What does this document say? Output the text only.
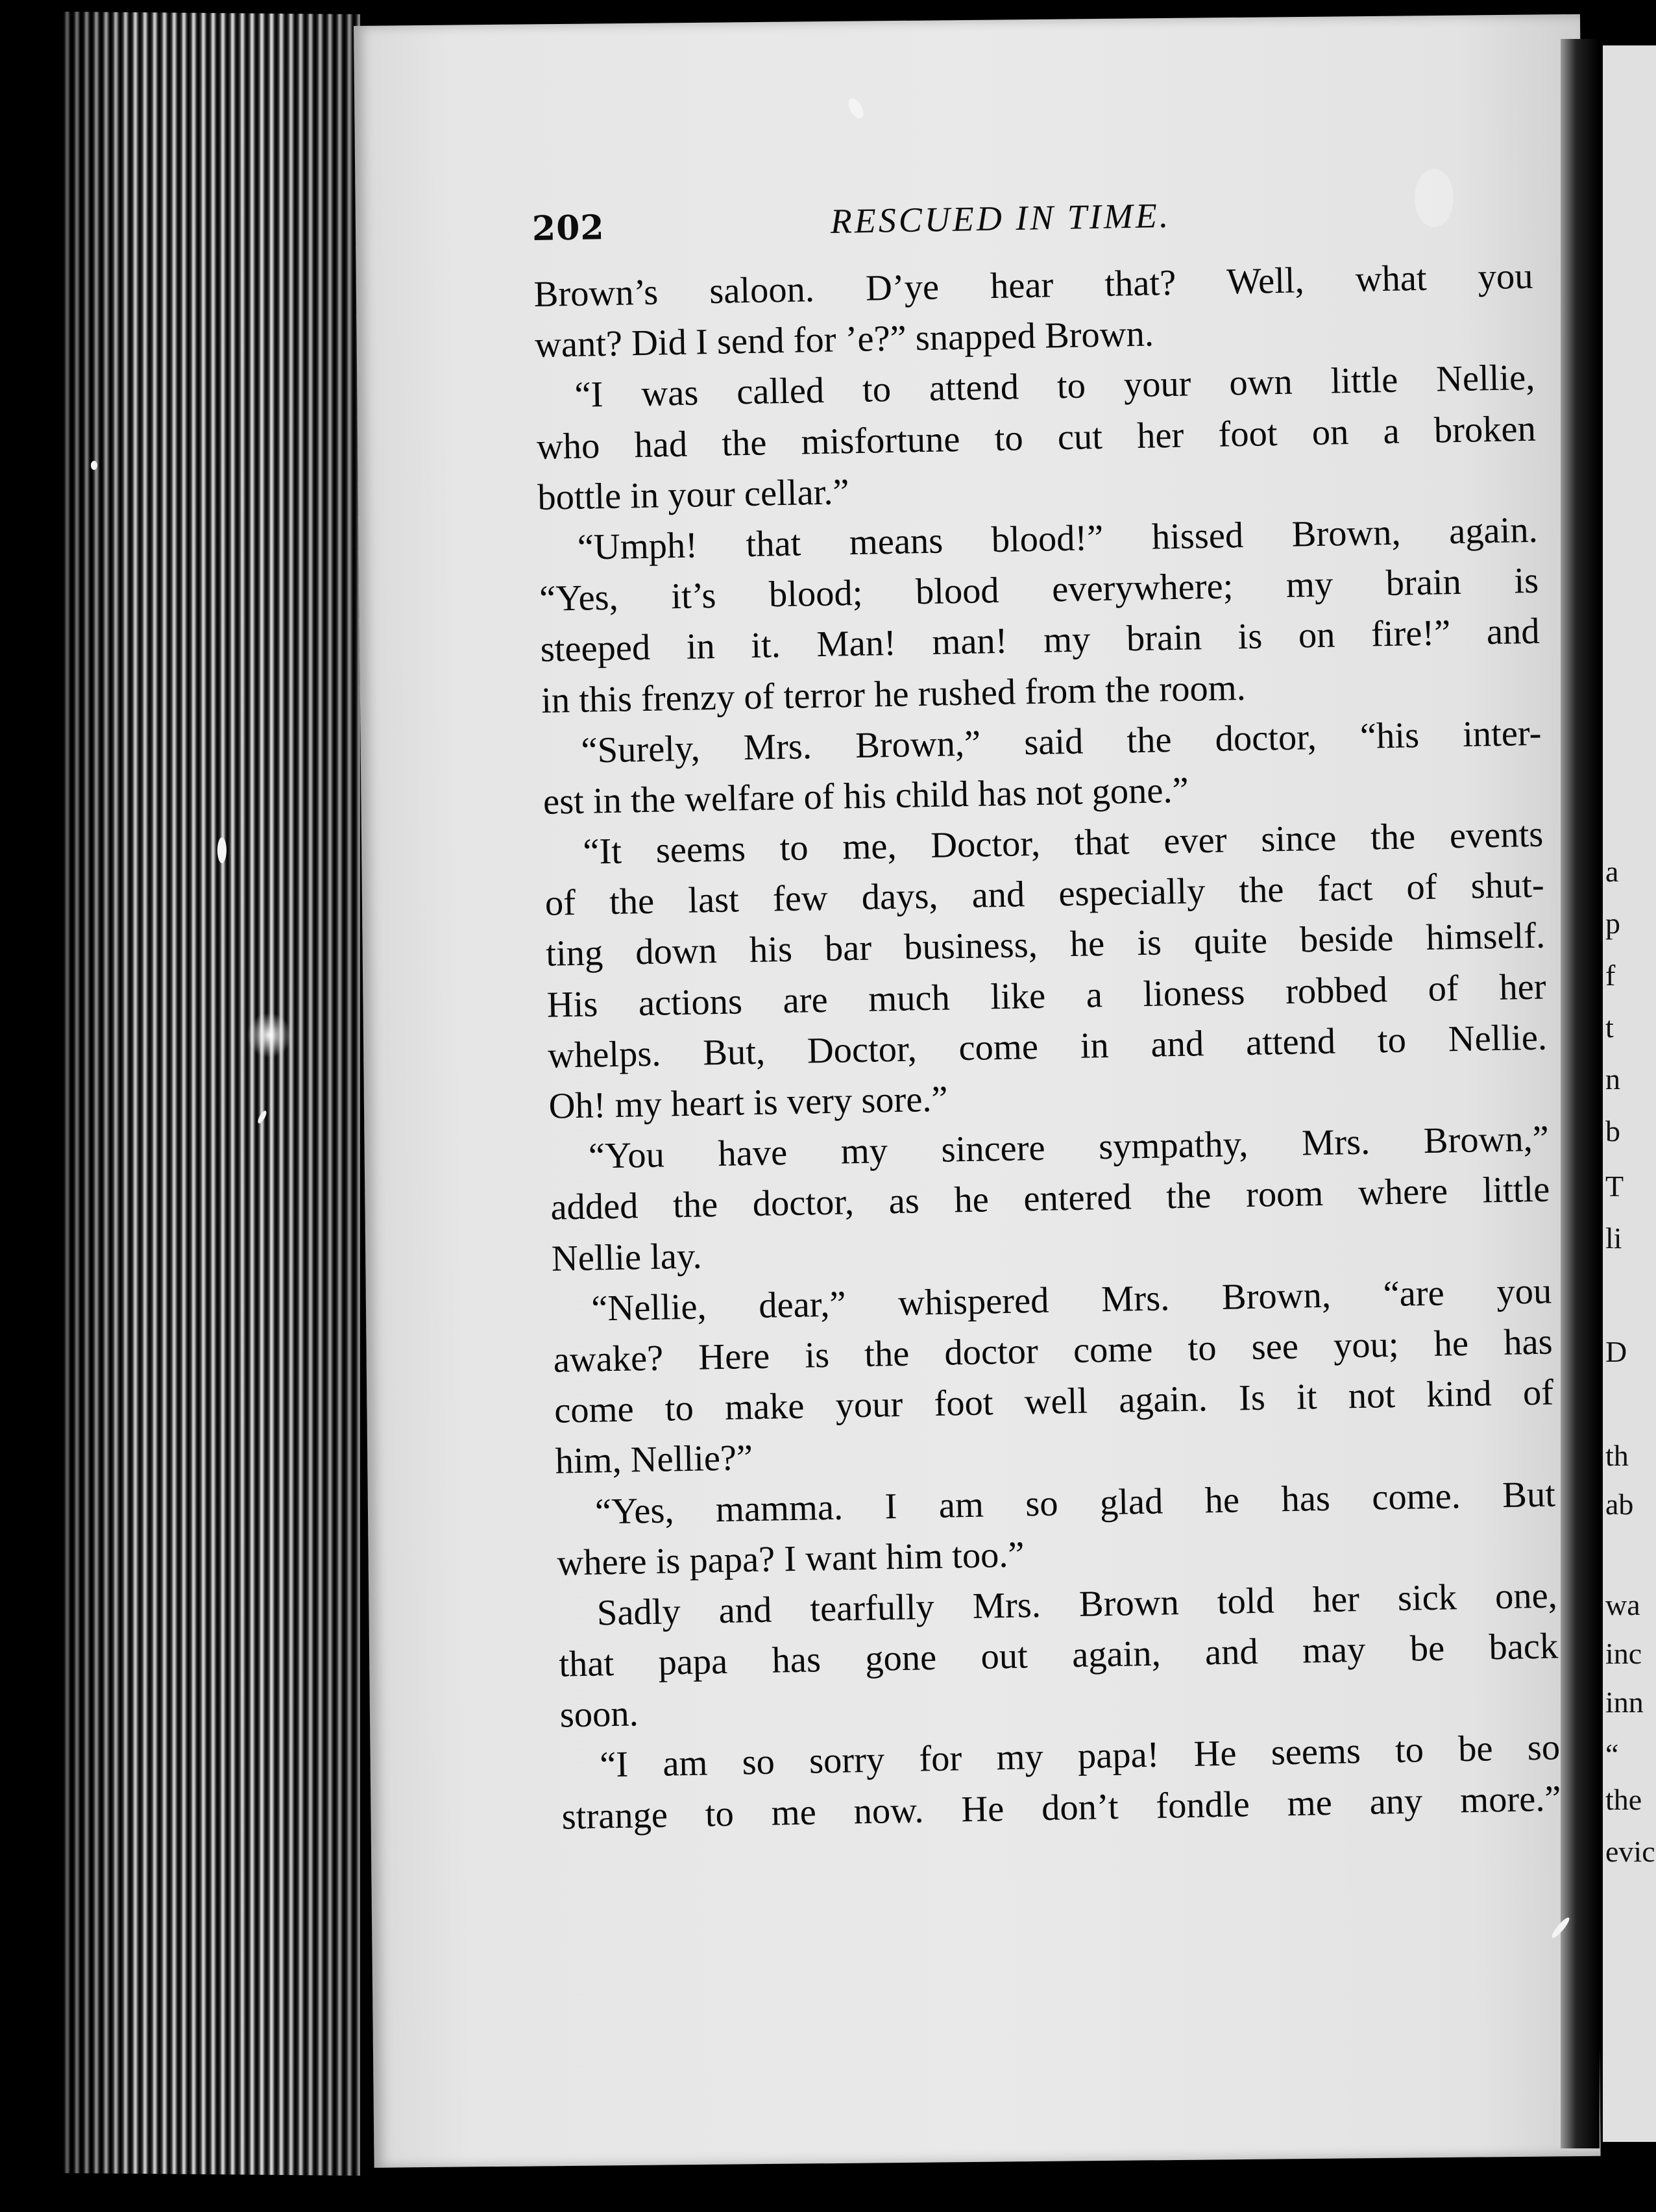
a
p
f
t
n
b
T
li
D
th
ab
wa
inc
inn
“
the
evic
202	RESCUED IN TIME.
Brown’s saloon. D’ye hear that? Well, what you
want? Did I send for ’e?” snapped Brown.
“I was called to attend to your own little Nellie,
who had the misfortune to cut her foot on a broken
bottle in your cellar.”
“Umph! that means blood!” hissed Brown, again.
“Yes, it’s blood; blood everywhere; my brain is
steeped in it. Man! man! my brain is on fire!” and
in this frenzy of terror he rushed from the room.
“Surely, Mrs. Brown,” said the doctor, “his inter-
est in the welfare of his child has not gone.”
“It seems to me, Doctor, that ever since the events
of the last few days, and especially the fact of shut-
ting down his bar business, he is quite beside himself.
His actions are much like a lioness robbed of her
whelps. But, Doctor, come in and attend to Nellie.
Oh! my heart is very sore.”
“You have my sincere sympathy, Mrs. Brown,”
added the doctor, as he entered the room where little
Nellie lay.
“Nellie, dear,” whispered Mrs. Brown, “are you
awake? Here is the doctor come to see you; he has
come to make your foot well again. Is it not kind of
him, Nellie?”
“Yes, mamma. I am so glad he has come. But
where is papa? I want him too.”
Sadly and tearfully Mrs. Brown told her sick one,
that papa has gone out again, and may be back
soon.
“I am so sorry for my papa! He seems to be so
strange to me now. He don’t fondle me any more.”
